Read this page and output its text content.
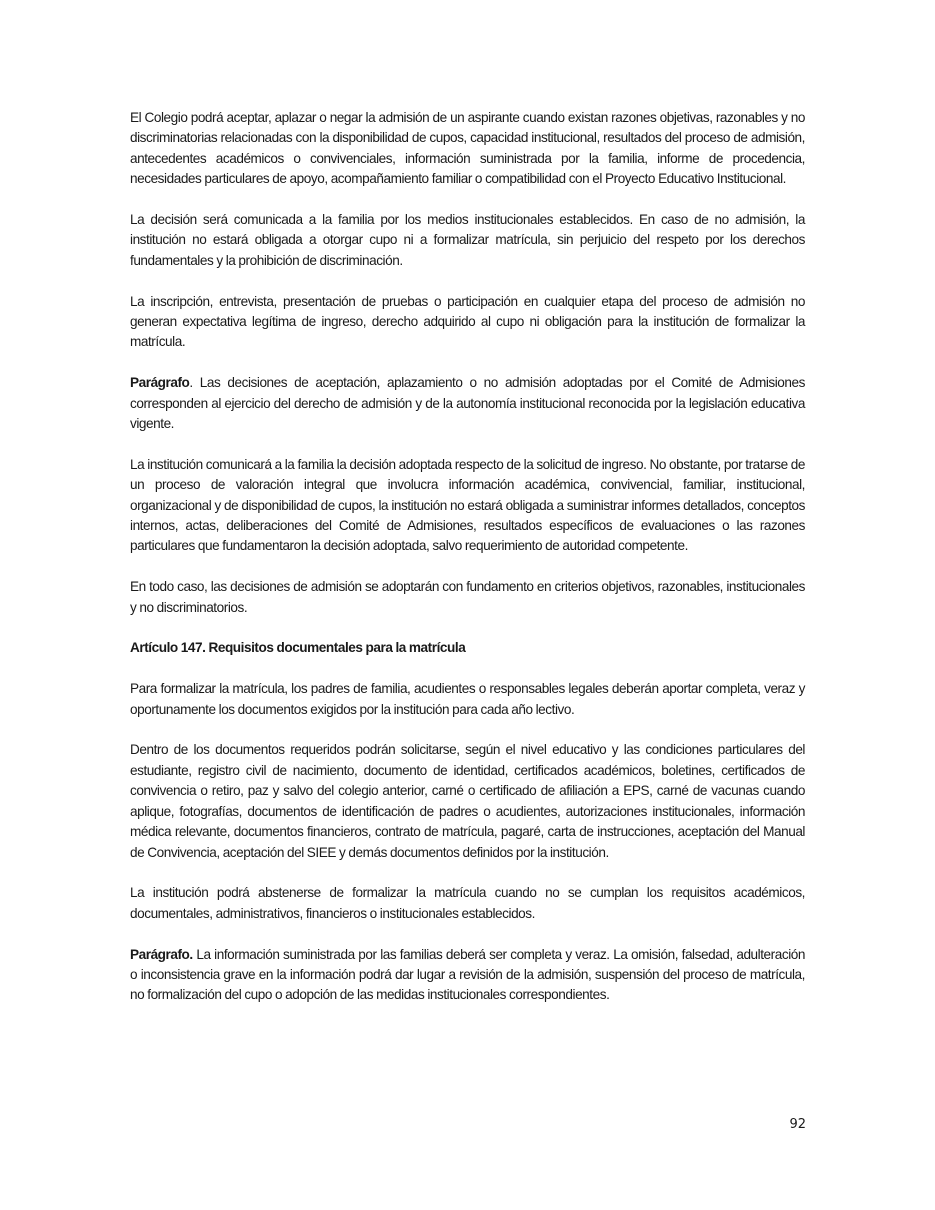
El Colegio podrá aceptar, aplazar o negar la admisión de un aspirante cuando existan razones objetivas, razonables y no discriminatorias relacionadas con la disponibilidad de cupos, capacidad institucional, resultados del proceso de admisión, antecedentes académicos o convivenciales, información suministrada por la familia, informe de procedencia, necesidades particulares de apoyo, acompañamiento familiar o compatibilidad con el Proyecto Educativo Institucional.

La decisión será comunicada a la familia por los medios institucionales establecidos. En caso de no admisión, la institución no estará obligada a otorgar cupo ni a formalizar matrícula, sin perjuicio del respeto por los derechos fundamentales y la prohibición de discriminación.

La inscripción, entrevista, presentación de pruebas o participación en cualquier etapa del proceso de admisión no generan expectativa legítima de ingreso, derecho adquirido al cupo ni obligación para la institución de formalizar la matrícula.

Parágrafo. Las decisiones de aceptación, aplazamiento o no admisión adoptadas por el Comité de Admisiones corresponden al ejercicio del derecho de admisión y de la autonomía institucional reconocida por la legislación educativa vigente.

La institución comunicará a la familia la decisión adoptada respecto de la solicitud de ingreso. No obstante, por tratarse de un proceso de valoración integral que involucra información académica, convivencial, familiar, institucional, organizacional y de disponibilidad de cupos, la institución no estará obligada a suministrar informes detallados, conceptos internos, actas, deliberaciones del Comité de Admisiones, resultados específicos de evaluaciones o las razones particulares que fundamentaron la decisión adoptada, salvo requerimiento de autoridad competente.

En todo caso, las decisiones de admisión se adoptarán con fundamento en criterios objetivos, razonables, institucionales y no discriminatorios.

Artículo 147. Requisitos documentales para la matrícula

Para formalizar la matrícula, los padres de familia, acudientes o responsables legales deberán aportar completa, veraz y oportunamente los documentos exigidos por la institución para cada año lectivo.

Dentro de los documentos requeridos podrán solicitarse, según el nivel educativo y las condiciones particulares del estudiante, registro civil de nacimiento, documento de identidad, certificados académicos, boletines, certificados de convivencia o retiro, paz y salvo del colegio anterior, carné o certificado de afiliación a EPS, carné de vacunas cuando aplique, fotografías, documentos de identificación de padres o acudientes, autorizaciones institucionales, información médica relevante, documentos financieros, contrato de matrícula, pagaré, carta de instrucciones, aceptación del Manual de Convivencia, aceptación del SIEE y demás documentos definidos por la institución.

La institución podrá abstenerse de formalizar la matrícula cuando no se cumplan los requisitos académicos, documentales, administrativos, financieros o institucionales establecidos.

Parágrafo. La información suministrada por las familias deberá ser completa y veraz. La omisión, falsedad, adulteración o inconsistencia grave en la información podrá dar lugar a revisión de la admisión, suspensión del proceso de matrícula, no formalización del cupo o adopción de las medidas institucionales correspondientes.

92
